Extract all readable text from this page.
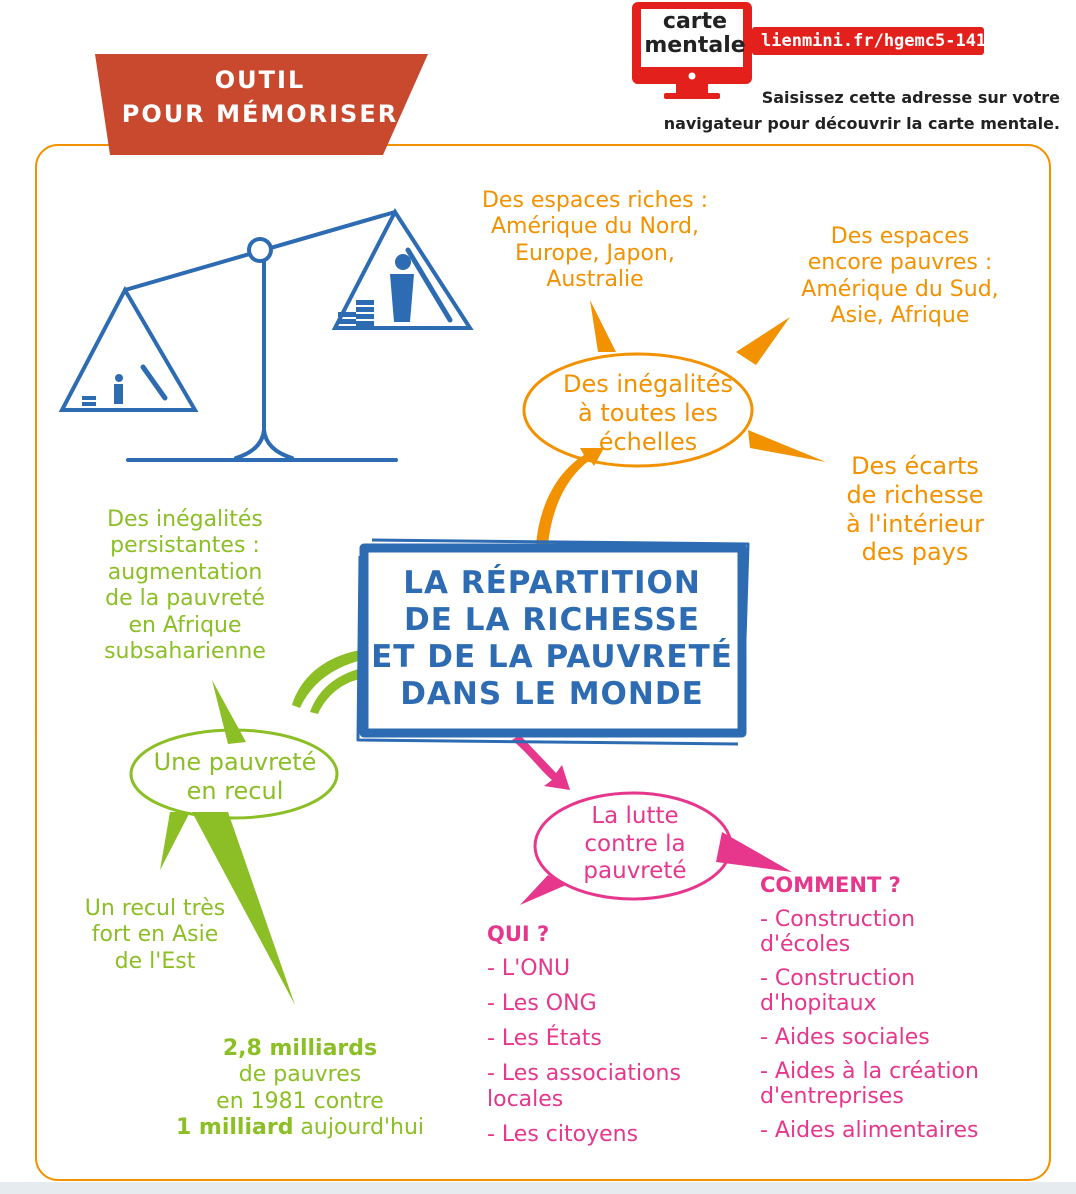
OUTIL
POUR MÉMORISER
carte
mentale lienmini.fr/hgemc5-141
Saisissez cette adresse sur votre
navigateur pour découvrir la carte mentale.
Des espaces riches :
Amérique du Nord,
Europe, Japon,
Australie
Des espaces
encore pauvres :
Amérique du Sud,
Asie, Afrique
Des inégalités
à toutes les
échelles
Des écarts
de richesse
à l'intérieur
des pays
LA RÉPARTITION
DE LA RICHESSE
ET DE LA PAUVRETÉ
DANS LE MONDE
Des inégalités
persistantes :
augmentation
de la pauvreté
en Afrique
subsaharienne
Une pauvreté
en recul
Un recul très
fort en Asie
de l'Est
2,8 milliards
de pauvres
en 1981 contre
1 milliard aujourd'hui
La lutte
contre la
pauvreté
QUI ?
- L'ONU
- Les ONG
- Les États
- Les associations
locales
- Les citoyens
COMMENT ?
- Construction
d'écoles
- Construction
d'hopitaux
- Aides sociales
- Aides à la création
d'entreprises
- Aides alimentaires
